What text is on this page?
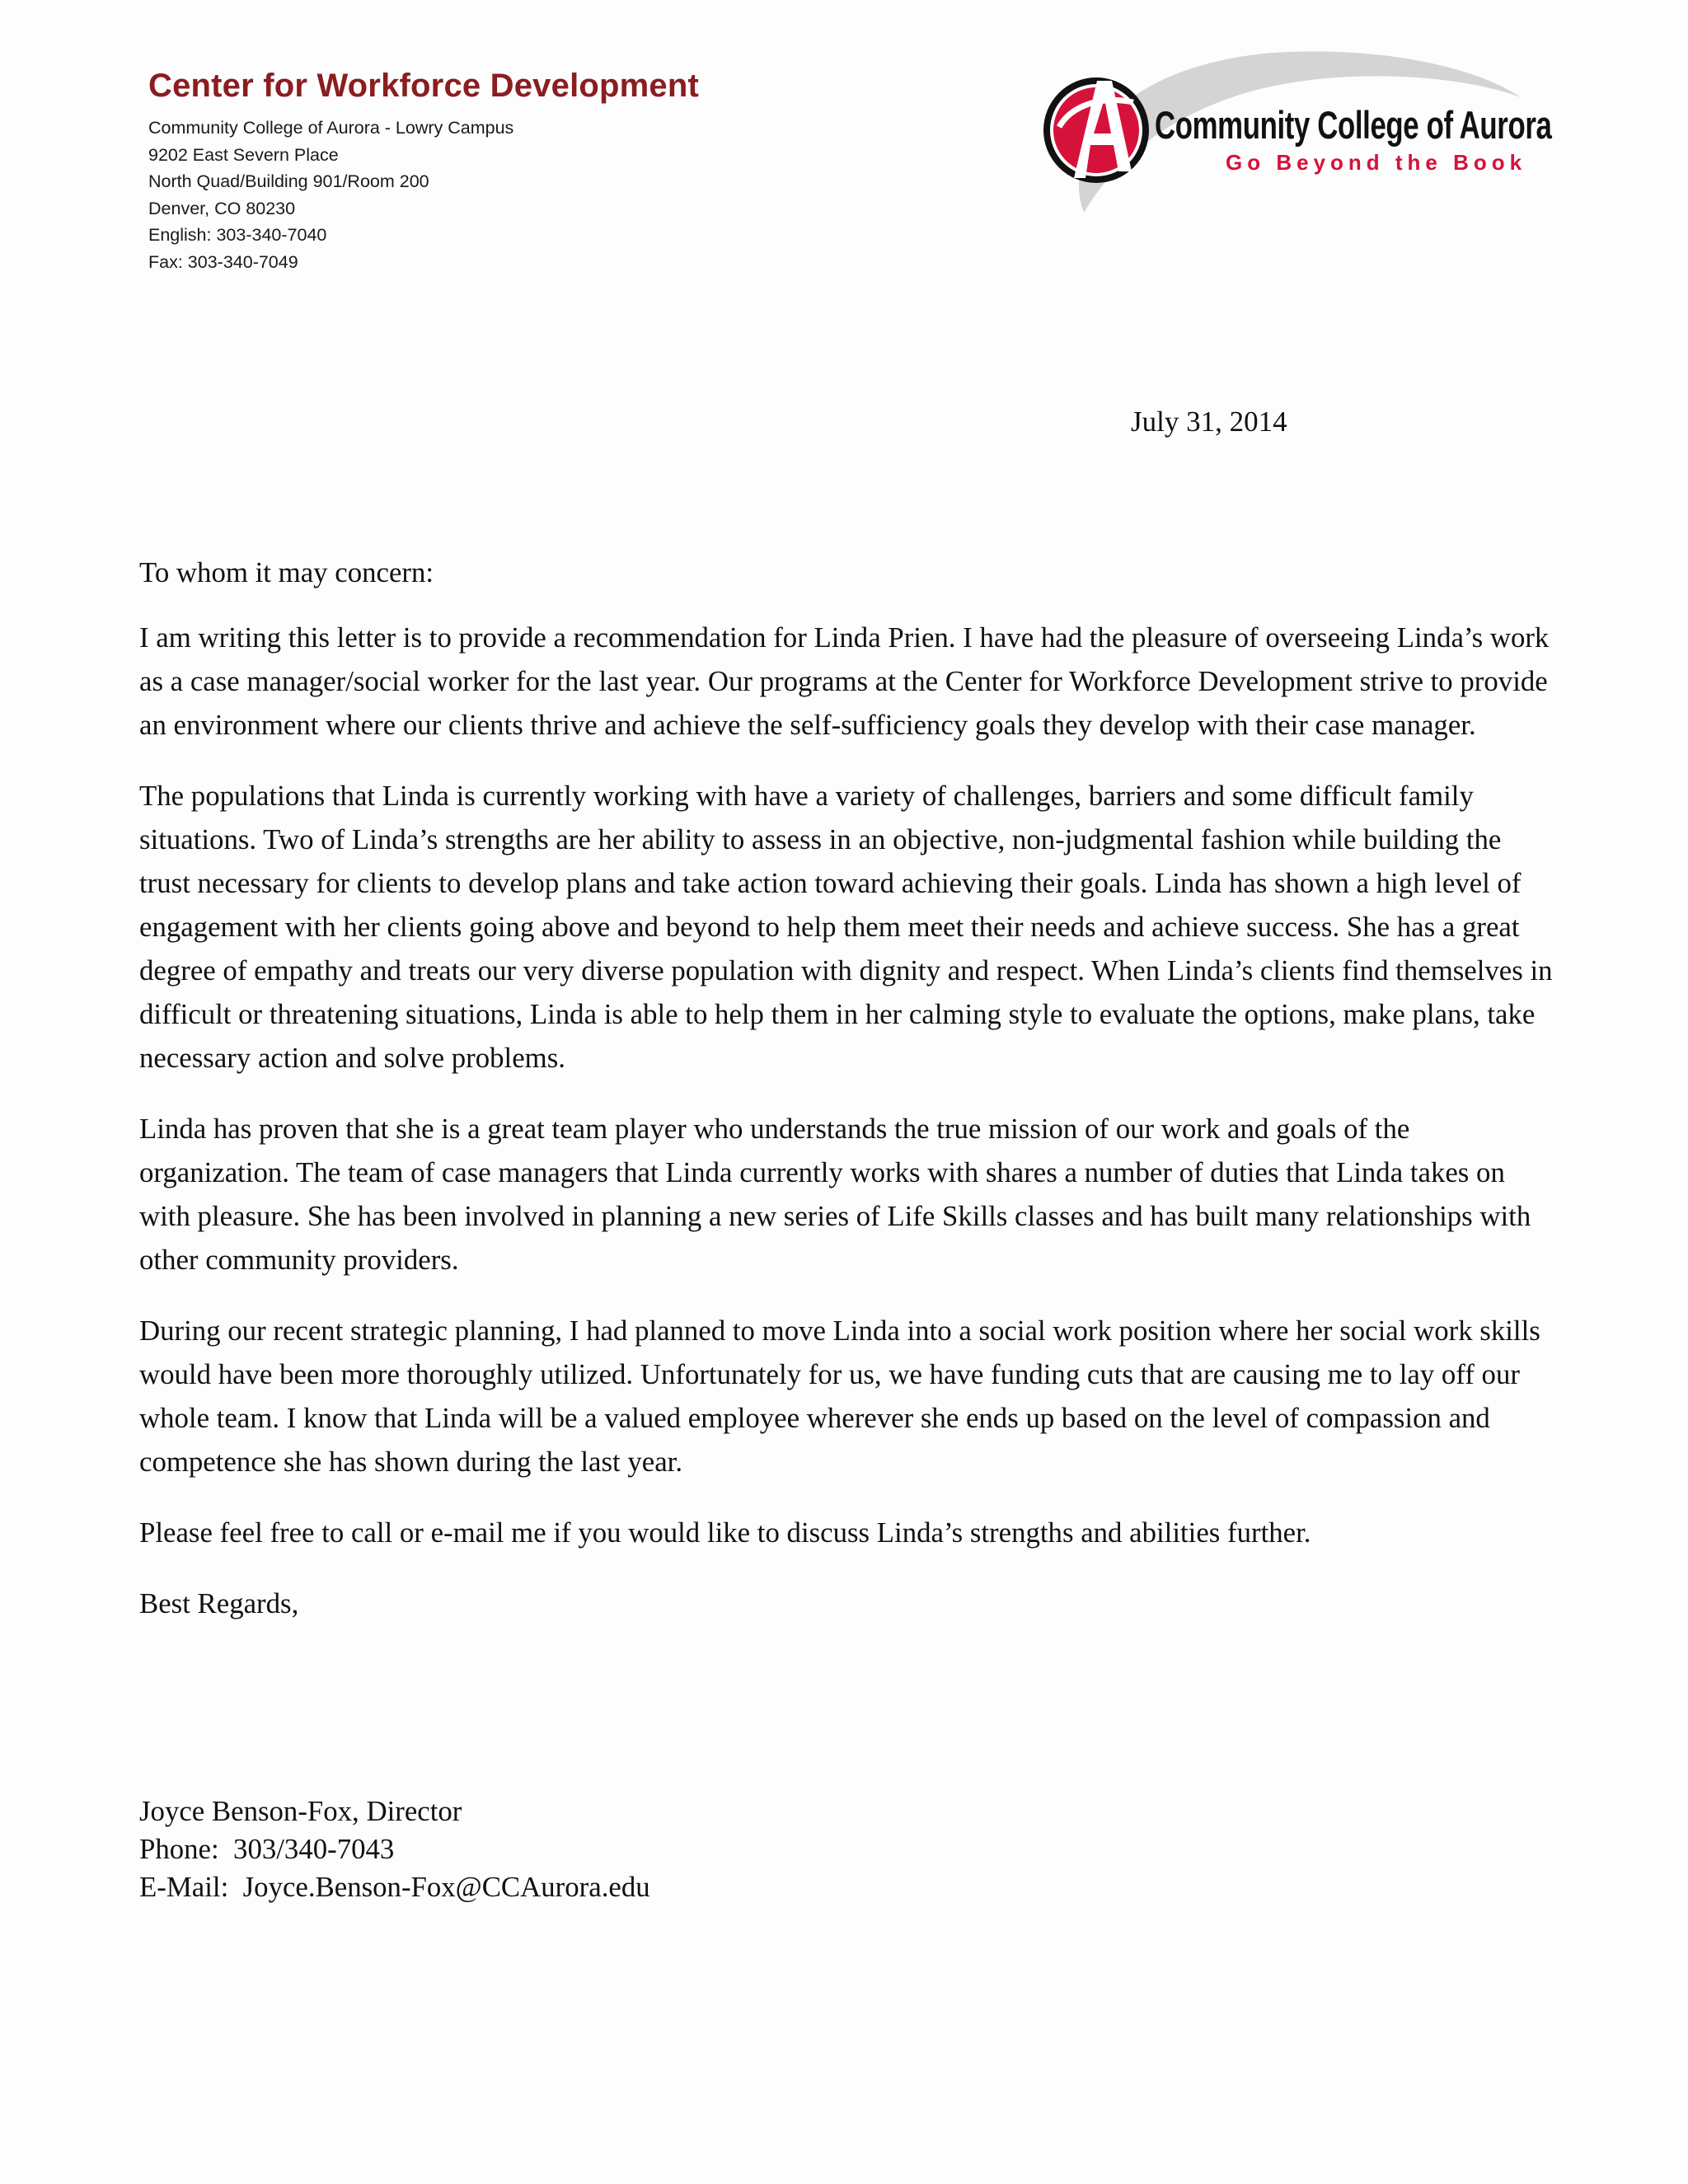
Center for Workforce Development
Community College of Aurora - Lowry Campus
9202 East Severn Place
North Quad/Building 901/Room 200
Denver, CO 80230
English: 303-340-7040
Fax: 303-340-7049
Community College of Aurora
Go Beyond the Book

July 31, 2014

To whom it may concern:

I am writing this letter is to provide a recommendation for Linda Prien. I have had the pleasure of overseeing Linda’s work as a case manager/social worker for the last year. Our programs at the Center for Workforce Development strive to provide an environment where our clients thrive and achieve the self-sufficiency goals they develop with their case manager.

The populations that Linda is currently working with have a variety of challenges, barriers and some difficult family situations. Two of Linda’s strengths are her ability to assess in an objective, non-judgmental fashion while building the trust necessary for clients to develop plans and take action toward achieving their goals. Linda has shown a high level of engagement with her clients going above and beyond to help them meet their needs and achieve success. She has a great degree of empathy and treats our very diverse population with dignity and respect. When Linda’s clients find themselves in difficult or threatening situations, Linda is able to help them in her calming style to evaluate the options, make plans, take necessary action and solve problems.

Linda has proven that she is a great team player who understands the true mission of our work and goals of the organization. The team of case managers that Linda currently works with shares a number of duties that Linda takes on with pleasure. She has been involved in planning a new series of Life Skills classes and has built many relationships with other community providers.

During our recent strategic planning, I had planned to move Linda into a social work position where her social work skills would have been more thoroughly utilized. Unfortunately for us, we have funding cuts that are causing me to lay off our whole team. I know that Linda will be a valued employee wherever she ends up based on the level of compassion and competence she has shown during the last year.

Please feel free to call or e-mail me if you would like to discuss Linda’s strengths and abilities further.

Best Regards,

Joyce Benson-Fox, Director
Phone:  303/340-7043
E-Mail:  Joyce.Benson-Fox@CCAurora.edu
